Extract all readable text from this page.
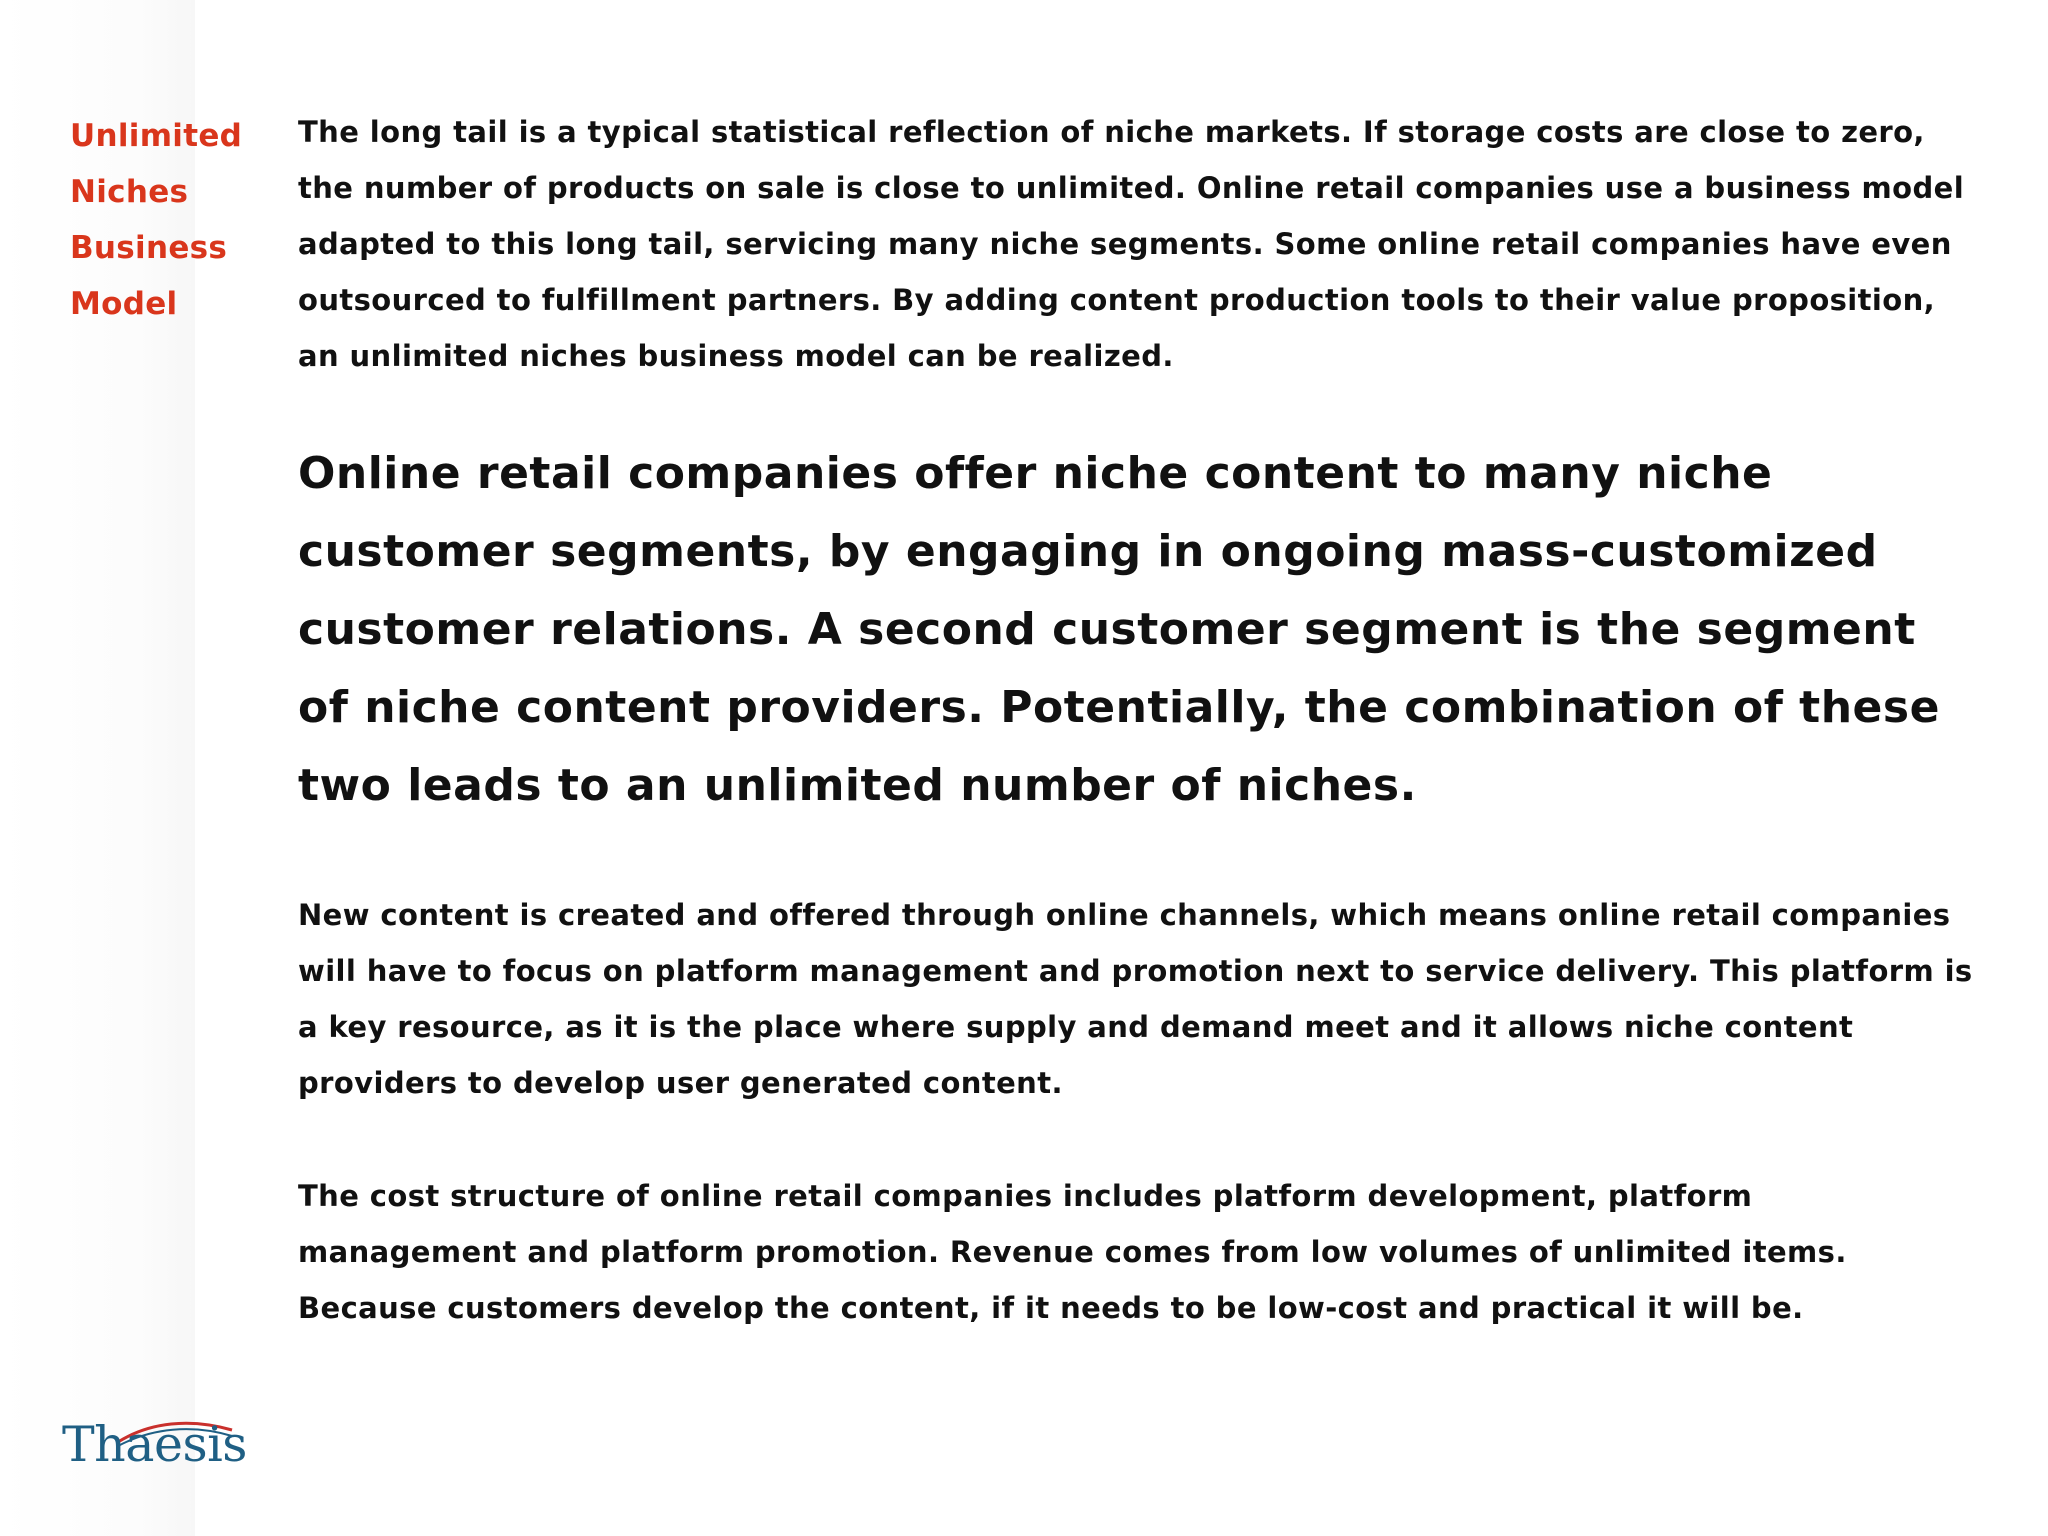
Unlimited
Niches
Business
Model

The long tail is a typical statistical reflection of niche markets. If storage costs are close to zero, the number of products on sale is close to unlimited. Online retail companies use a business model adapted to this long tail, servicing many niche segments. Some online retail companies have even outsourced to fulfillment partners. By adding content production tools to their value proposition, an unlimited niches business model can be realized.

Online retail companies offer niche content to many niche customer segments, by engaging in ongoing mass-customized customer relations. A second customer segment is the segment of niche content providers. Potentially, the combination of these two leads to an unlimited number of niches.

New content is created and offered through online channels, which means online retail companies will have to focus on platform management and promotion next to service delivery. This platform is a key resource, as it is the place where supply and demand meet and it allows niche content providers to develop user generated content.

The cost structure of online retail companies includes platform development, platform management and platform promotion. Revenue comes from low volumes of unlimited items. Because customers develop the content, if it needs to be low-cost and practical it will be.

Thaesis
